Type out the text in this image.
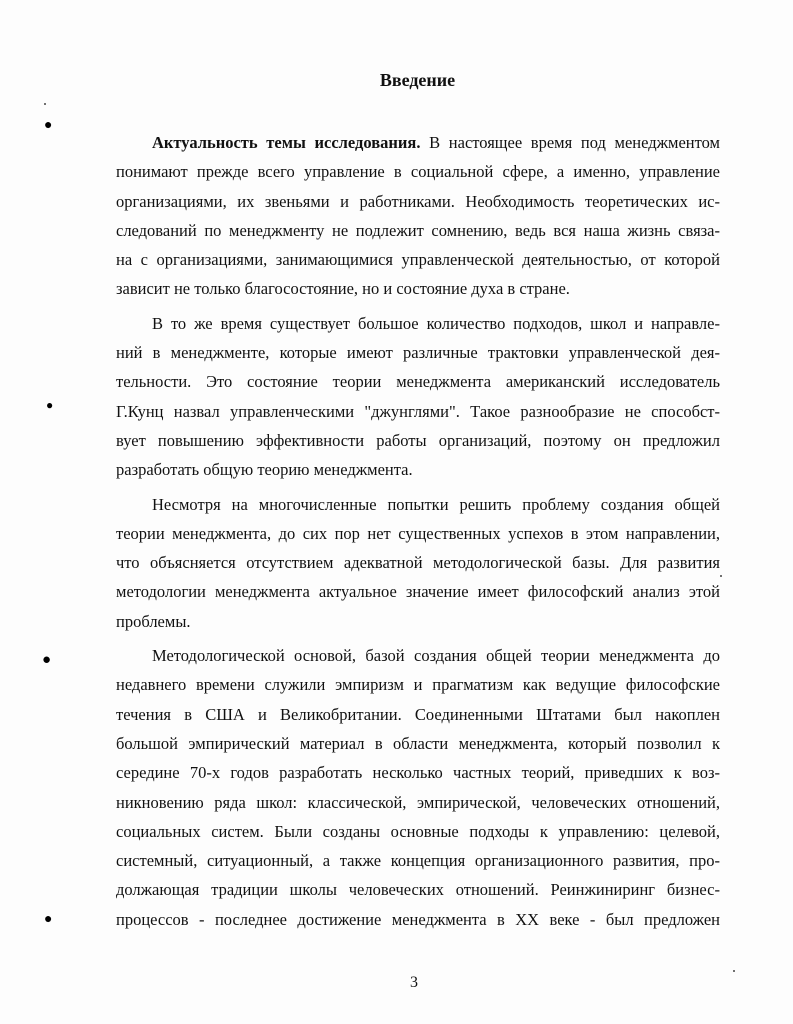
●
●
●
●
Введение

Актуальность темы исследования. В настоящее время под менеджментом
понимают прежде всего управление в социальной сфере, а именно, управление
организациями, их звеньями и работниками. Необходимость теоретических ис-
следований по менеджменту не подлежит сомнению, ведь вся наша жизнь связа-
на с организациями, занимающимися управленческой деятельностью, от которой
зависит не только благосостояние, но и состояние духа в стране.

В то же время существует большое количество подходов, школ и направле-
ний в менеджменте, которые имеют различные трактовки управленческой дея-
тельности. Это состояние теории менеджмента американский исследователь
Г.Кунц назвал управленческими "джунглями". Такое разнообразие не способст-
вует повышению эффективности работы организаций, поэтому он предложил
разработать общую теорию менеджмента.

Несмотря на многочисленные попытки решить проблему создания общей
теории менеджмента, до сих пор нет существенных успехов в этом направлении,
что объясняется отсутствием адекватной методологической базы. Для развития
методологии менеджмента актуальное значение имеет философский анализ этой
проблемы.

Методологической основой, базой создания общей теории менеджмента до
недавнего времени служили эмпиризм и прагматизм как ведущие философские
течения в США и Великобритании. Соединенными Штатами был накоплен
большой эмпирический материал в области менеджмента, который позволил к
середине 70-х годов разработать несколько частных теорий, приведших к воз-
никновению ряда школ: классической, эмпирической, человеческих отношений,
социальных систем. Были созданы основные подходы к управлению: целевой,
системный, ситуационный, а также концепция организационного развития, про-
должающая традиции школы человеческих отношений. Реинжиниринг бизнес-
процессов - последнее достижение менеджмента в XX веке - был предложен

3
